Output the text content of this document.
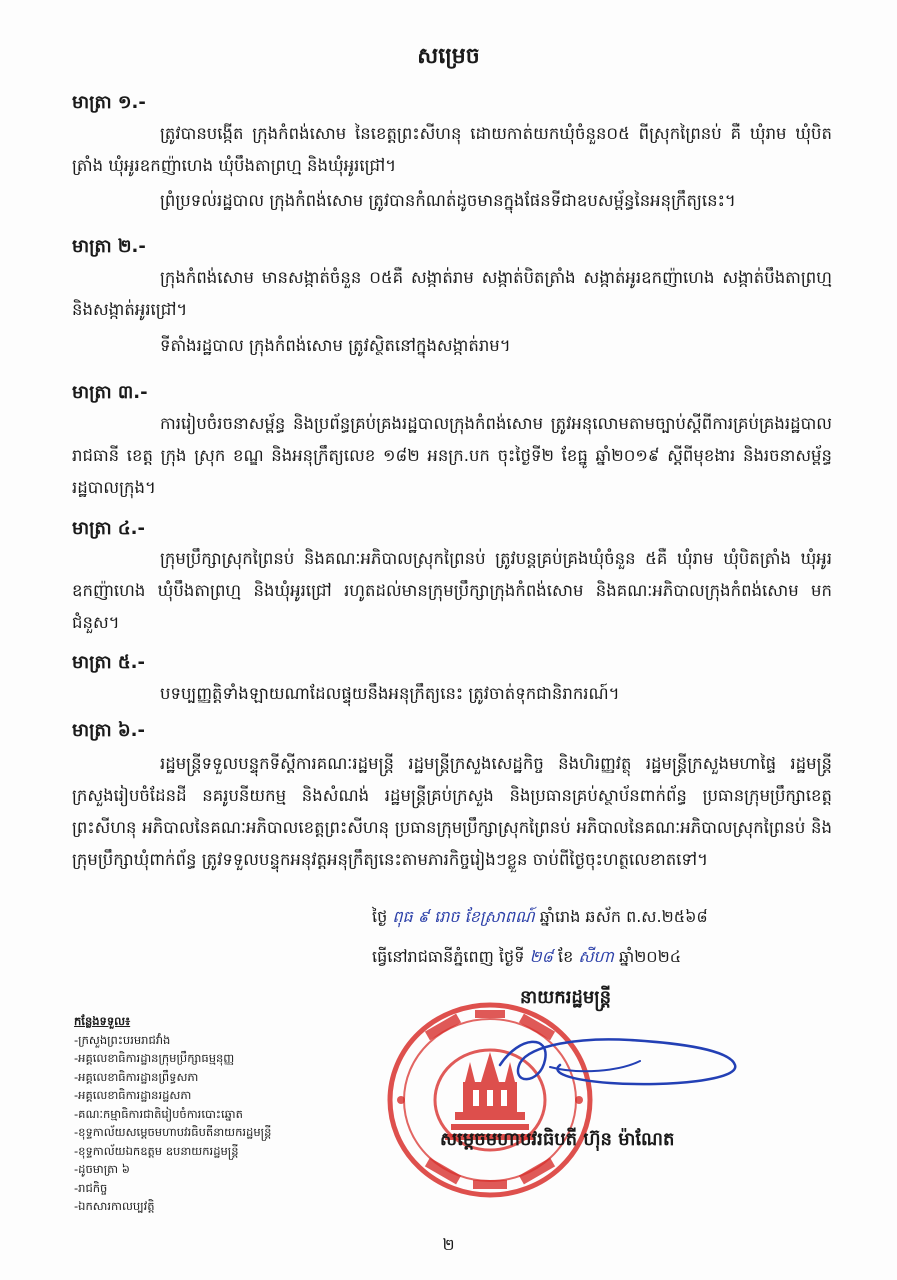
សម្រេច
មាត្រា ១.-
ត្រូវបានបង្កើត ក្រុងកំពង់សោម នៃខេត្តព្រះសីហនុ ដោយកាត់យកឃុំចំនួន០៥ ពីស្រុកព្រៃនប់ គឺ ឃុំរាម ឃុំបិតត្រាំង ឃុំអូរឧកញ៉ាហេង ឃុំបឹងតាព្រហ្ម និងឃុំអូរជ្រៅ។
ព្រំប្រទល់រដ្ឋបាល ក្រុងកំពង់សោម ត្រូវបានកំណត់ដូចមានក្នុងផែនទីជាឧបសម្ព័ន្ធនៃអនុក្រឹត្យនេះ។
មាត្រា ២.-
ក្រុងកំពង់សោម មានសង្កាត់ចំនួន ០៥គឺ សង្កាត់រាម សង្កាត់បិតត្រាំង សង្កាត់អូរឧកញ៉ាហេង សង្កាត់បឹងតាព្រហ្ម និងសង្កាត់អូរជ្រៅ។
ទីតាំងរដ្ឋបាល ក្រុងកំពង់សោម ត្រូវស្ថិតនៅក្នុងសង្កាត់រាម។
មាត្រា ៣.-
ការរៀបចំរចនាសម្ព័ន្ធ និងប្រព័ន្ធគ្រប់គ្រងរដ្ឋបាលក្រុងកំពង់សោម ត្រូវអនុលោមតាមច្បាប់ស្ដីពីការគ្រប់គ្រងរដ្ឋបាលរាជធានី ខេត្ត ក្រុង ស្រុក ខណ្ឌ និងអនុក្រឹត្យលេខ ១៨២ អនក្រ.បក ចុះថ្ងៃទី២ ខែធ្នូ ឆ្នាំ២០១៩ ស្ដីពីមុខងារ និងរចនាសម្ព័ន្ធរដ្ឋបាលក្រុង។
មាត្រា ៤.-
ក្រុមប្រឹក្សាស្រុកព្រៃនប់ និងគណៈអភិបាលស្រុកព្រៃនប់ ត្រូវបន្តគ្រប់គ្រងឃុំចំនួន ៥គឺ ឃុំរាម ឃុំបិតត្រាំង ឃុំអូរឧកញ៉ាហេង ឃុំបឹងតាព្រហ្ម និងឃុំអូរជ្រៅ រហូតដល់មានក្រុមប្រឹក្សាក្រុងកំពង់សោម និងគណៈអភិបាលក្រុងកំពង់សោម មកជំនួស។
មាត្រា ៥.-
បទប្បញ្ញត្តិទាំងឡាយណាដែលផ្ទុយនឹងអនុក្រឹត្យនេះ ត្រូវចាត់ទុកជានិរាករណ៍។
មាត្រា ៦.-
រដ្ឋមន្ត្រីទទួលបន្ទុកទីស្ដីការគណៈរដ្ឋមន្ត្រី រដ្ឋមន្ត្រីក្រសួងសេដ្ឋកិច្ច និងហិរញ្ញវត្ថុ រដ្ឋមន្ត្រីក្រសួងមហាផ្ទៃ រដ្ឋមន្ត្រីក្រសួងរៀបចំដែនដី នគរូបនីយកម្ម និងសំណង់ រដ្ឋមន្ត្រីគ្រប់ក្រសួង និងប្រធានគ្រប់ស្ថាប័នពាក់ព័ន្ធ ប្រធានក្រុមប្រឹក្សាខេត្តព្រះសីហនុ អភិបាលនៃគណៈអភិបាលខេត្តព្រះសីហនុ ប្រធានក្រុមប្រឹក្សាស្រុកព្រៃនប់ អភិបាលនៃគណៈអភិបាលស្រុកព្រៃនប់ និងក្រុមប្រឹក្សាឃុំពាក់ព័ន្ធ ត្រូវទទួលបន្ទុកអនុវត្តអនុក្រឹត្យនេះតាមភារកិច្ចរៀងៗខ្លួន ចាប់ពីថ្ងៃចុះហត្ថលេខាតទៅ។
ថ្ងៃ ពុធ ៩ រោច ខែស្រាពណ៍ ឆ្នាំរោង ឆស័ក ព.ស.២៥៦៨
ធ្វើនៅរាជធានីភ្នំពេញ ថ្ងៃទី ២៨ ខែ សីហា ឆ្នាំ២០២៤
នាយករដ្ឋមន្ត្រី
សម្ដេចមហាបវរធិបតី ហ៊ុន ម៉ាណែត
កន្លែងទទួល៖
-ក្រសួងព្រះបរមរាជវាំង
-អគ្គលេខាធិការដ្ឋានក្រុមប្រឹក្សាធម្មនុញ្ញ
-អគ្គលេខាធិការដ្ឋានព្រឹទ្ធសភា
-អគ្គលេខាធិការដ្ឋានរដ្ឋសភា
-គណៈកម្មាធិការជាតិរៀបចំការបោះឆ្នោត
-ខុទ្ទកាល័យសម្ដេចមហាបវរធិបតីនាយករដ្ឋមន្ត្រី
-ខុទ្ទកាល័យឯកឧត្តម ឧបនាយករដ្ឋមន្ត្រី
-ដូចមាត្រា ៦
-រាជកិច្ច
-ឯកសារកាលប្បវត្តិ
២
